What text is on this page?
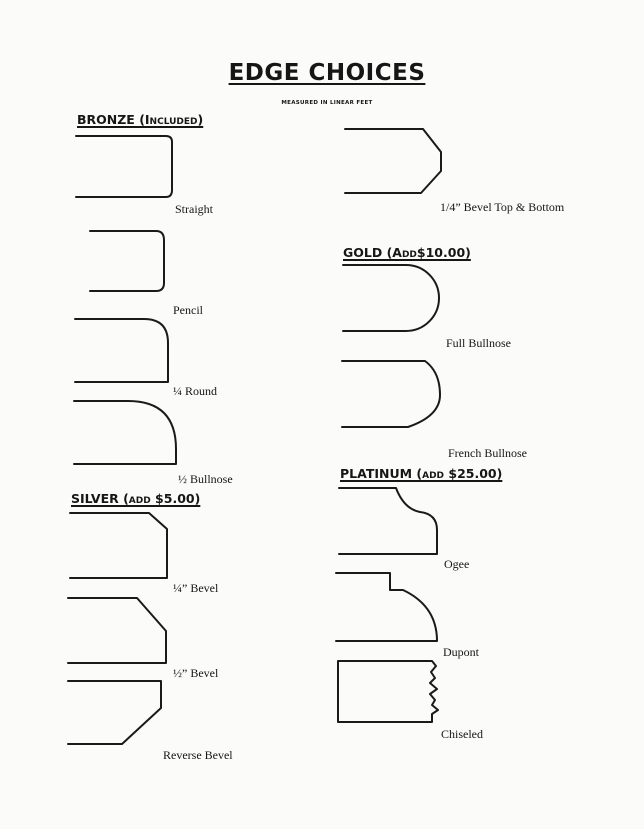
EDGE CHOICES
MEASURED IN LINEAR FEET
BRONZE (Included)
SILVER (add $5.00)
GOLD (Add$10.00)
PLATINUM (add $25.00)
Straight
Pencil
¼ Round
½ Bullnose
¼” Bevel
½” Bevel
Reverse Bevel
1/4” Bevel Top & Bottom
Full Bullnose
French Bullnose
Ogee
Dupont
Chiseled
